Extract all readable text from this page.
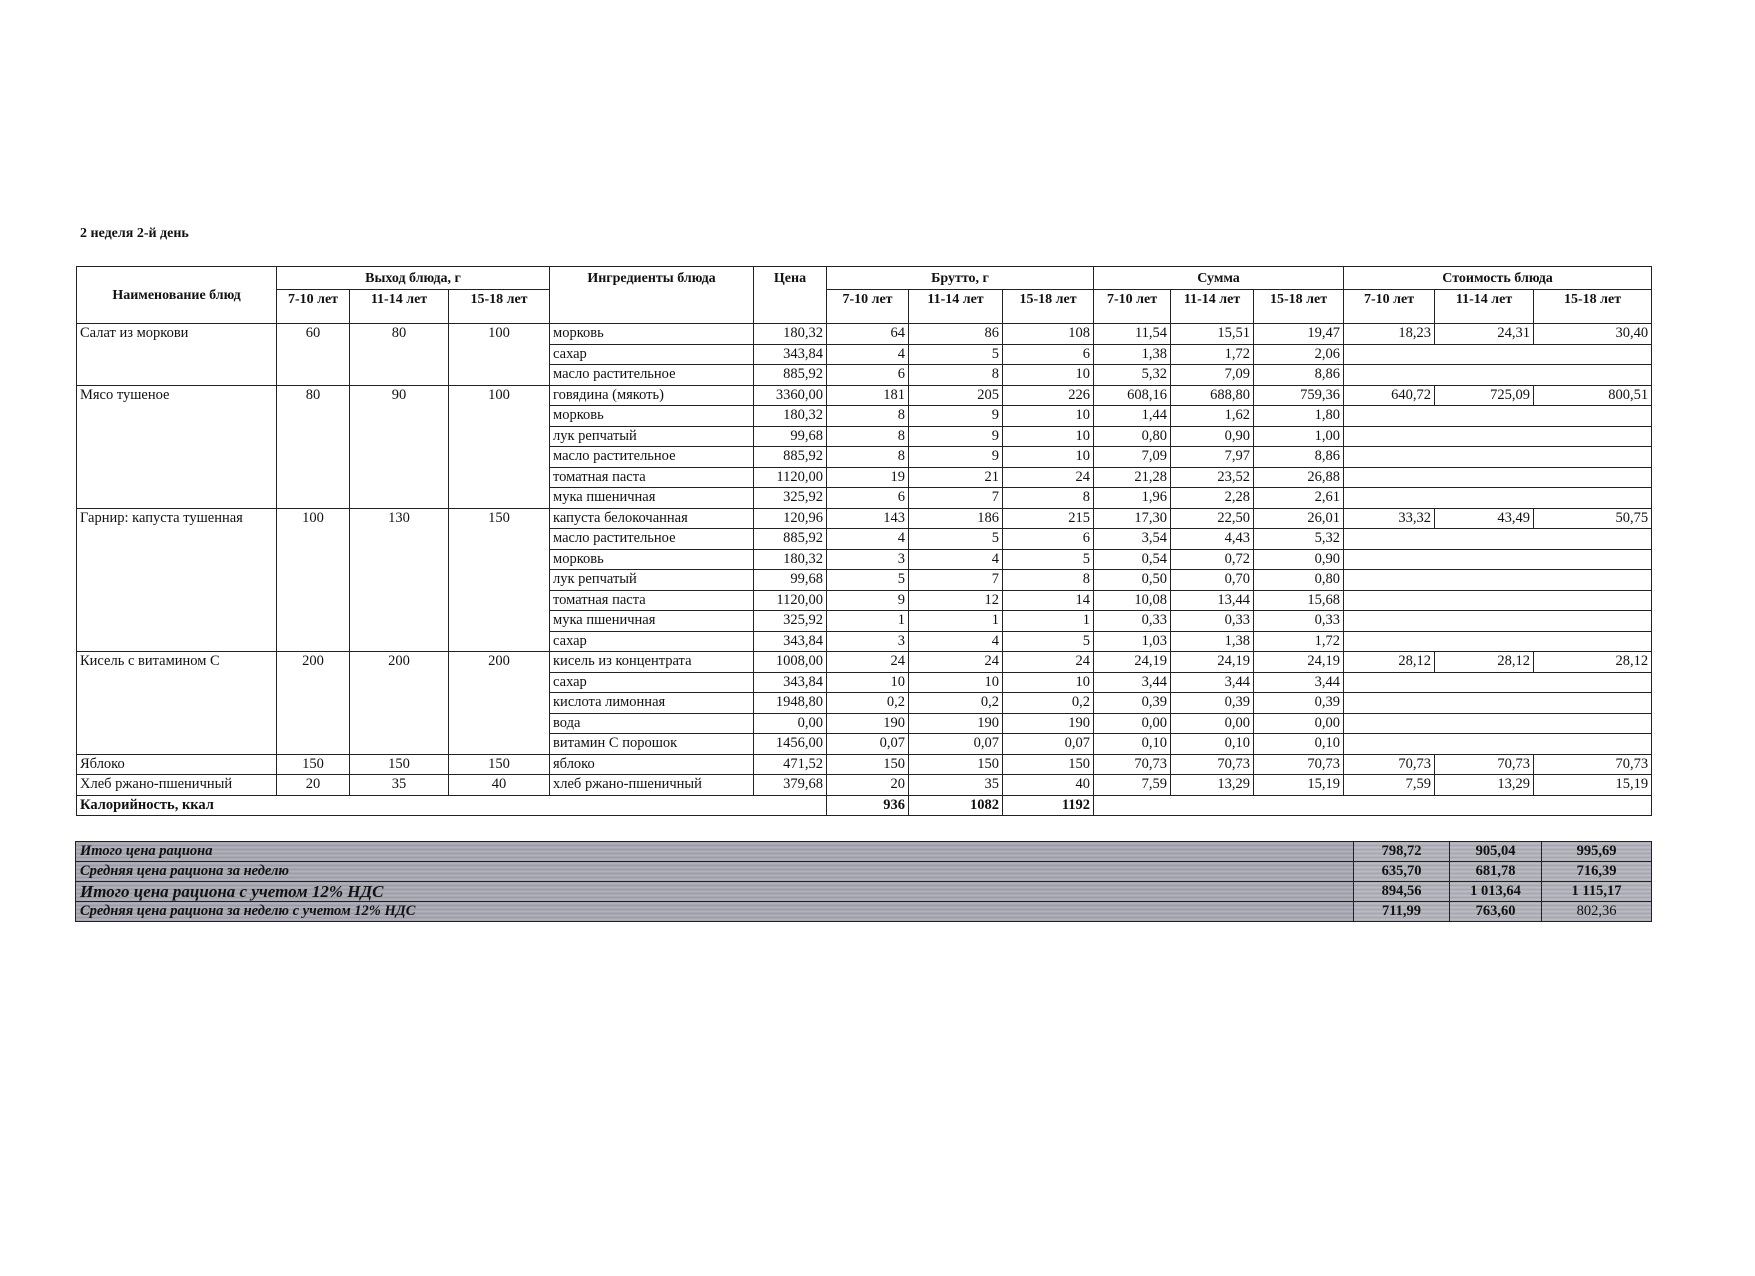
2 неделя 2-й день
Наименование блюд	Выход блюда, г			Ингредиенты блюда	Цена	Брутто, г			Сумма			Стоимость блюда		
	7-10 лет	11-14 лет	15-18 лет			7-10 лет	11-14 лет	15-18 лет	7-10 лет	11-14 лет	15-18 лет	7-10 лет	11-14 лет	15-18 лет
Салат из моркови	60	80	100	морковь	180,32	64	86	108	11,54	15,51	19,47	18,23	24,31	30,40
				сахар	343,84	4	5	6	1,38	1,72	2,06			
				масло растительное	885,92	6	8	10	5,32	7,09	8,86			
Мясо тушеное	80	90	100	говядина (мякоть)	3360,00	181	205	226	608,16	688,80	759,36	640,72	725,09	800,51
				морковь	180,32	8	9	10	1,44	1,62	1,80			
				лук репчатый	99,68	8	9	10	0,80	0,90	1,00			
				масло растительное	885,92	8	9	10	7,09	7,97	8,86			
				томатная паста	1120,00	19	21	24	21,28	23,52	26,88			
				мука пшеничная	325,92	6	7	8	1,96	2,28	2,61			
Гарнир: капуста тушенная	100	130	150	капуста белокочанная	120,96	143	186	215	17,30	22,50	26,01	33,32	43,49	50,75
				масло растительное	885,92	4	5	6	3,54	4,43	5,32			
				морковь	180,32	3	4	5	0,54	0,72	0,90			
				лук репчатый	99,68	5	7	8	0,50	0,70	0,80			
				томатная паста	1120,00	9	12	14	10,08	13,44	15,68			
				мука пшеничная	325,92	1	1	1	0,33	0,33	0,33			
				сахар	343,84	3	4	5	1,03	1,38	1,72			
Кисель с витамином С	200	200	200	кисель из концентрата	1008,00	24	24	24	24,19	24,19	24,19	28,12	28,12	28,12
				сахар	343,84	10	10	10	3,44	3,44	3,44			
				кислота лимонная	1948,80	0,2	0,2	0,2	0,39	0,39	0,39			
				вода	0,00	190	190	190	0,00	0,00	0,00			
				витамин С порошок	1456,00	0,07	0,07	0,07	0,10	0,10	0,10			
Яблоко	150	150	150	яблоко	471,52	150	150	150	70,73	70,73	70,73	70,73	70,73	70,73
Хлеб ржано-пшеничный	20	35	40	хлеб ржано-пшеничный	379,68	20	35	40	7,59	13,29	15,19	7,59	13,29	15,19
Калорийность, ккал						936	1082	1192						
Итого цена рациона	798,72	905,04	995,69
Средняя цена рациона за неделю	635,70	681,78	716,39
Итого цена рациона с учетом 12% НДС	894,56	1 013,64	1 115,17
Средняя цена рациона за неделю с учетом 12% НДС	711,99	763,60	802,36
